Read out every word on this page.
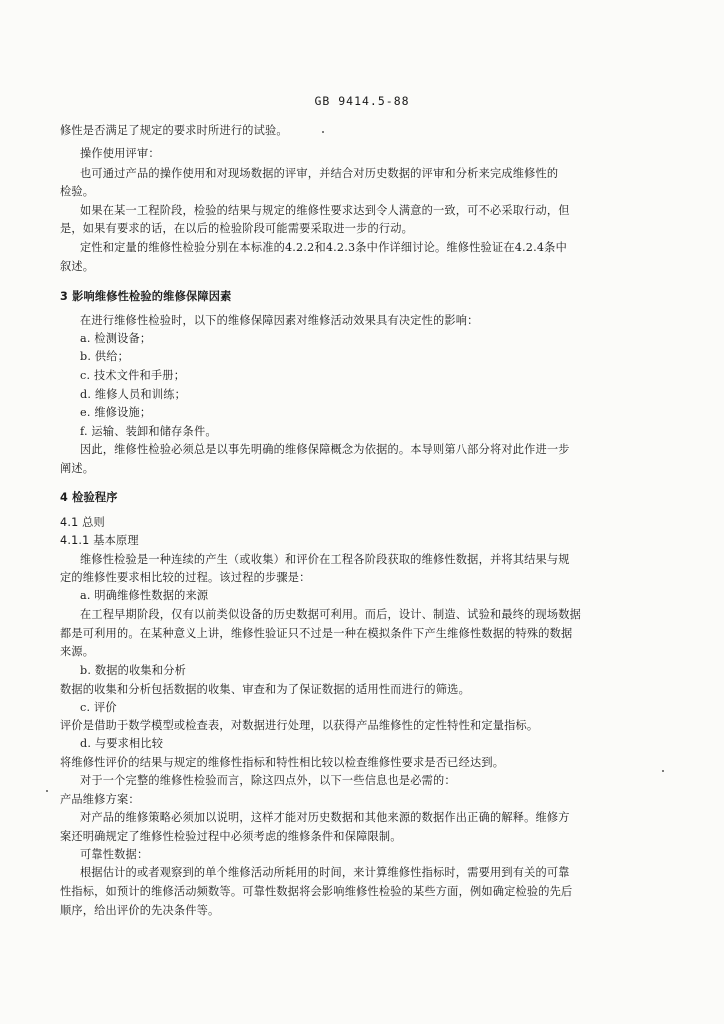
GB 9414.5-88
修性是否满足了规定的要求时所进行的试验。
操作使用评审：
也可通过产品的操作使用和对现场数据的评审，并结合对历史数据的评审和分析来完成维修性的
检验。
如果在某一工程阶段，检验的结果与规定的维修性要求达到令人满意的一致，可不必采取行动，但
是，如果有要求的话，在以后的检验阶段可能需要采取进一步的行动。
定性和定量的维修性检验分别在本标准的4.2.2和4.2.3条中作详细讨论。维修性验证在4.2.4条中
叙述。
3 影响维修性检验的维修保障因素
在进行维修性检验时，以下的维修保障因素对维修活动效果具有决定性的影响：
a. 检测设备；
b. 供给；
c. 技术文件和手册；
d. 维修人员和训练；
e. 维修设施；
f. 运输、装卸和储存条件。
因此，维修性检验必须总是以事先明确的维修保障概念为依据的。本导则第八部分将对此作进一步
阐述。
4 检验程序
4.1 总则
4.1.1 基本原理
维修性检验是一种连续的产生（或收集）和评价在工程各阶段获取的维修性数据，并将其结果与规
定的维修性要求相比较的过程。该过程的步骤是：
a. 明确维修性数据的来源
在工程早期阶段，仅有以前类似设备的历史数据可利用。而后，设计、制造、试验和最终的现场数据
都是可利用的。在某种意义上讲，维修性验证只不过是一种在模拟条件下产生维修性数据的特殊的数据
来源。
b. 数据的收集和分析
数据的收集和分析包括数据的收集、审查和为了保证数据的适用性而进行的筛选。
c. 评价
评价是借助于数学模型或检查表，对数据进行处理，以获得产品维修性的定性特性和定量指标。
d. 与要求相比较
将维修性评价的结果与规定的维修性指标和特性相比较以检查维修性要求是否已经达到。
对于一个完整的维修性检验而言，除这四点外，以下一些信息也是必需的：
产品维修方案：
对产品的维修策略必须加以说明，这样才能对历史数据和其他来源的数据作出正确的解释。维修方
案还明确规定了维修性检验过程中必须考虑的维修条件和保障限制。
可靠性数据：
根据估计的或者观察到的单个维修活动所耗用的时间，来计算维修性指标时，需要用到有关的可靠
性指标，如预计的维修活动频数等。可靠性数据将会影响维修性检验的某些方面，例如确定检验的先后
顺序，给出评价的先决条件等。
